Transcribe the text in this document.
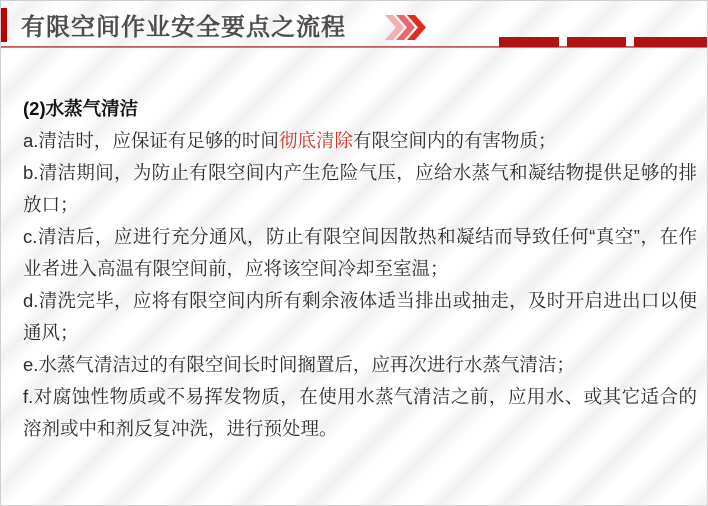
有限空间作业安全要点之流程

(2)水蒸气清洁

a.清洁时，应保证有足够的时间彻底清除有限空间内的有害物质；

b.清洁期间，为防止有限空间内产生危险气压，应给水蒸气和凝结物提供足够的排放口；

c.清洁后，应进行充分通风，防止有限空间因散热和凝结而导致任何“真空”，在作业者进入高温有限空间前，应将该空间冷却至室温；

d.清洗完毕，应将有限空间内所有剩余液体适当排出或抽走，及时开启进出口以便通风；

e.水蒸气清洁过的有限空间长时间搁置后，应再次进行水蒸气清洁；

f.对腐蚀性物质或不易挥发物质，在使用水蒸气清洁之前，应用水、或其它适合的溶剂或中和剂反复冲洗，进行预处理。
